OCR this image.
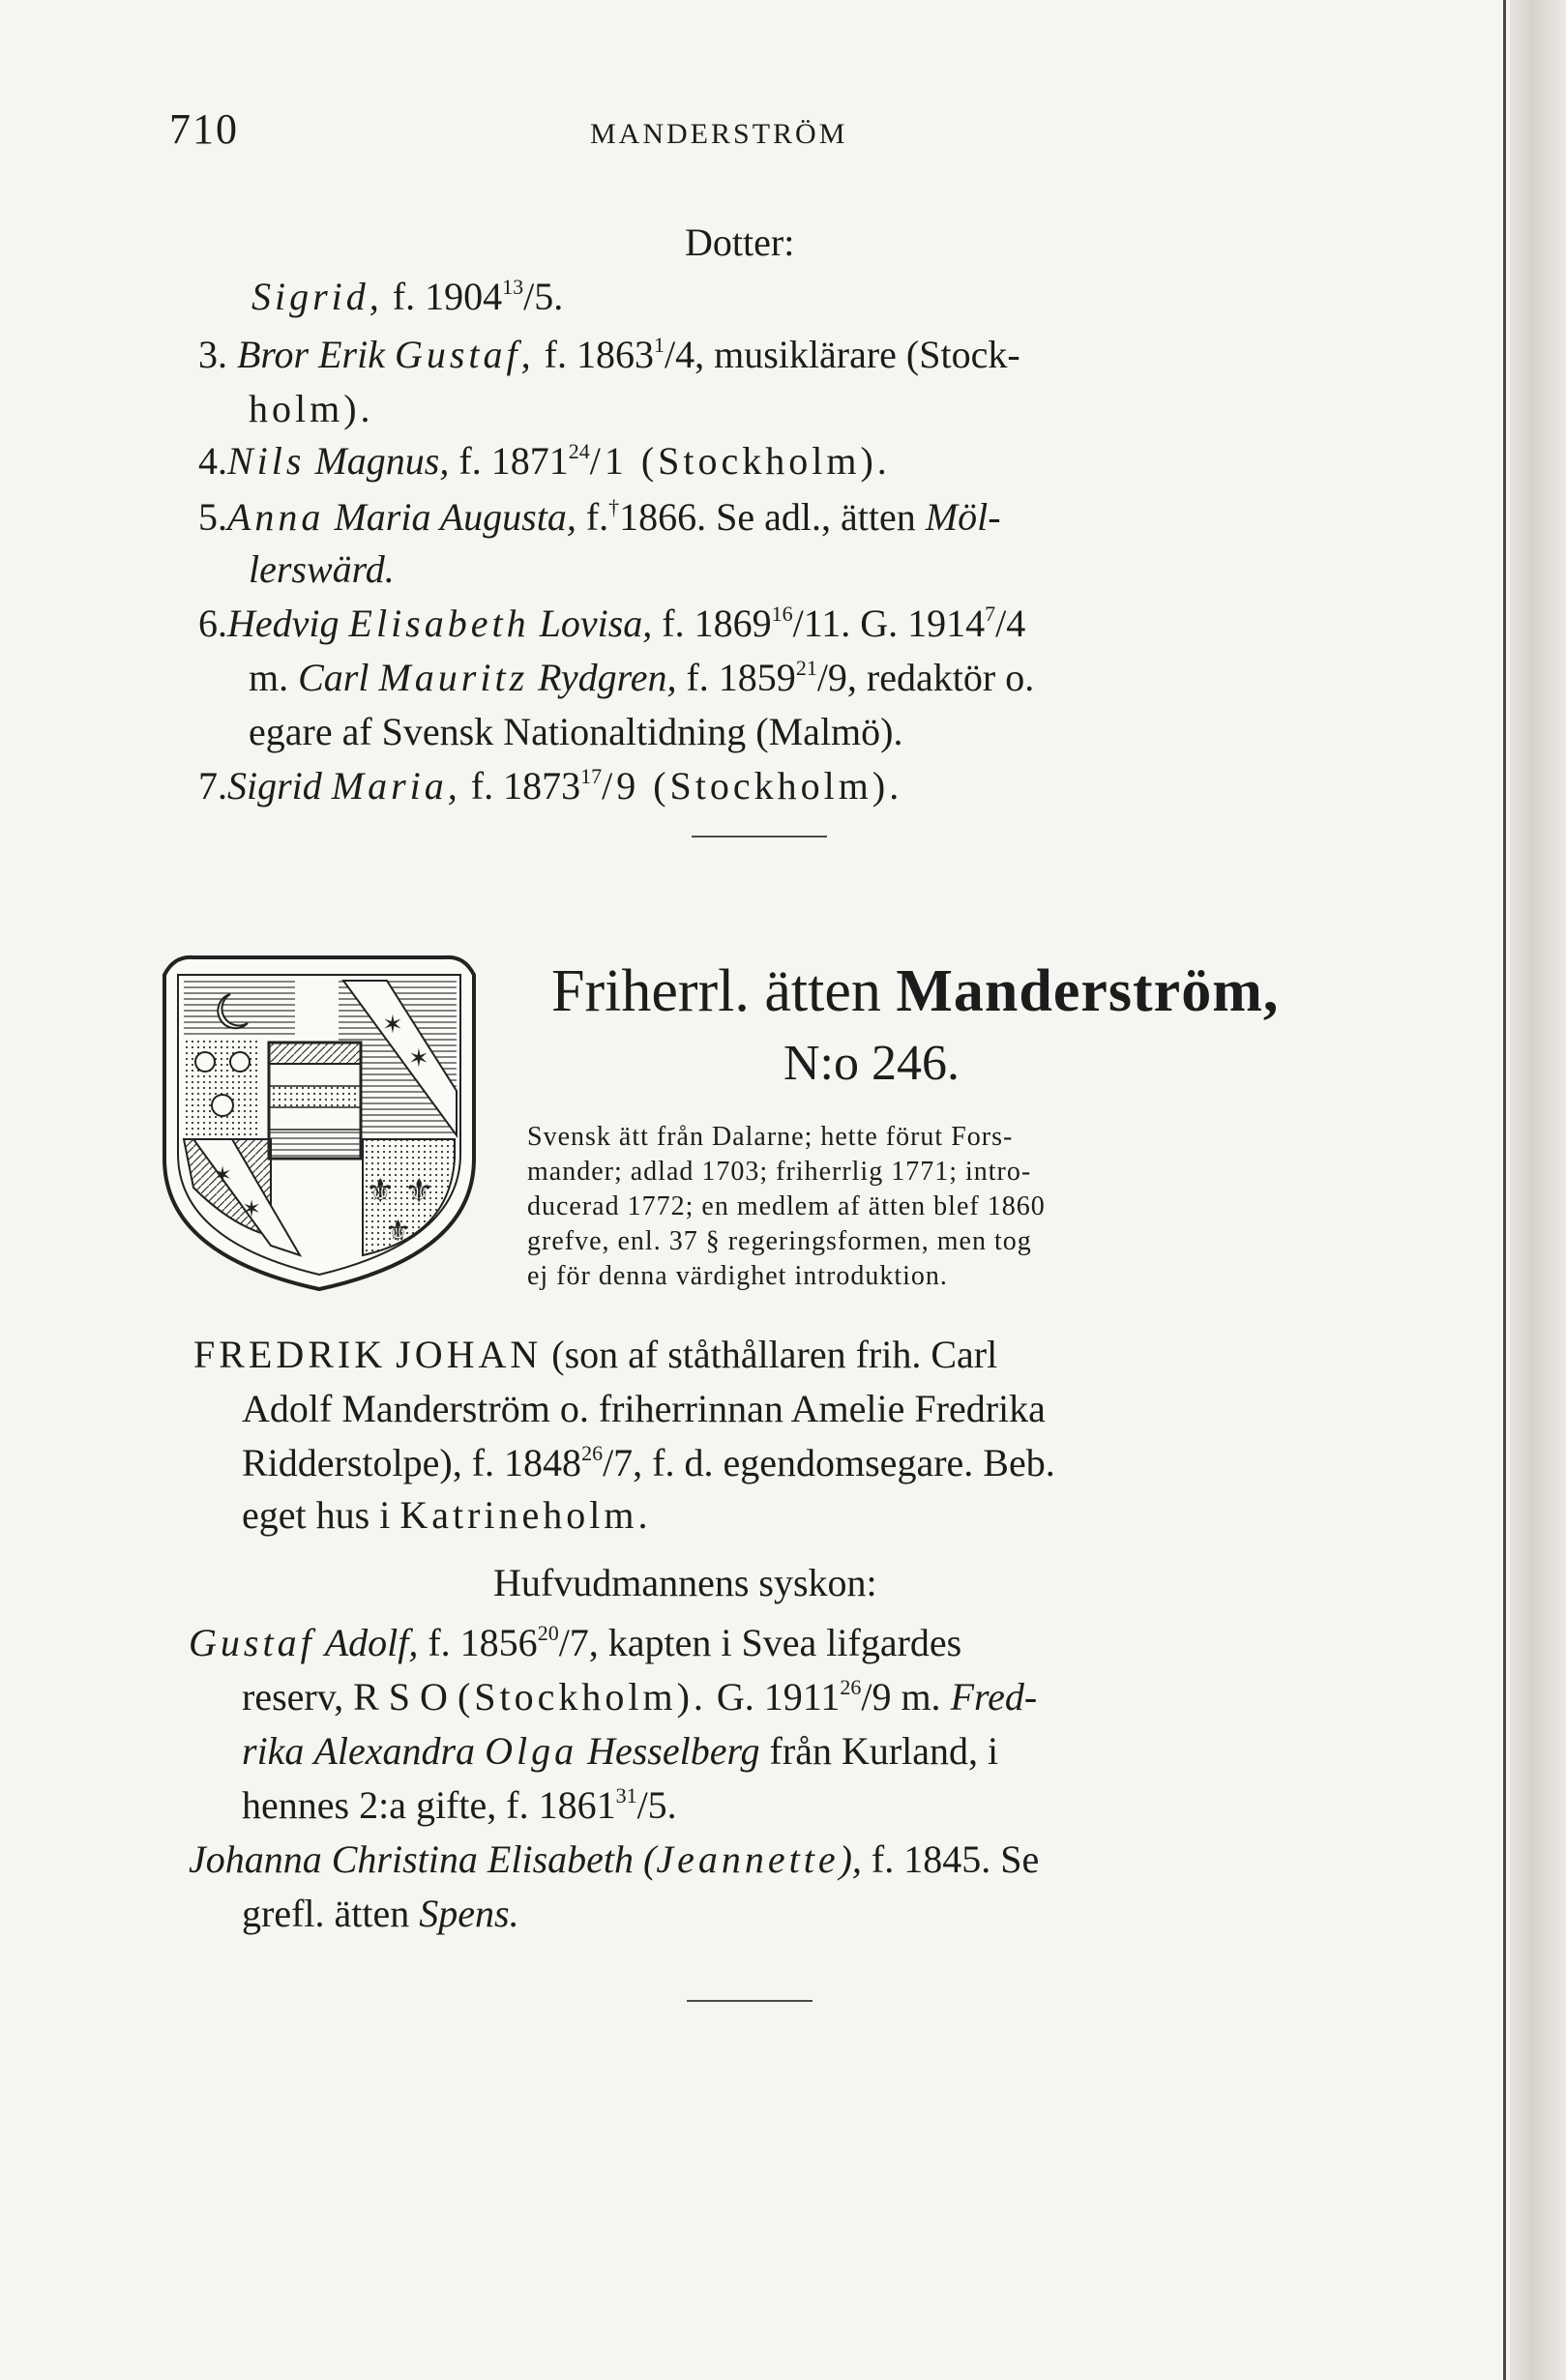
710	MANDERSTRÖM
Dotter:
Sigrid, f. 1904$^{13}$/5.
3. Bror Erik Gustaf, f. 1863$^1$/4, musiklärare (Stock-
holm).
4.Nils Magnus, f. 1871$^{24}$/1 (Stockholm).
5.Anna Maria Augusta, f.†1866. Se adl., ätten Möl-
lerswärd.
6.Hedvig Elisabeth Lovisa, f. 1869$^{16}$/11. G. 1914$^7$/4
m. Carl Mauritz Rydgren, f. 1859$^{21}$/9, redaktör o.
egare af Svensk Nationaltidning (Malmö).
7.Sigrid Maria, f. 1873$^{17}$/9 (Stockholm).
✶
✶
✶
✶	⚜ ⚜
⚜
Friherrl. ätten Manderström,
N:o 246.
Svensk ätt från Dalarne; hette förut Fors-
mander; adlad 1703; friherrlig 1771; intro-
ducerad 1772; en medlem af ätten blef 1860
grefve, enl. 37 § regeringsformen, men tog
ej för denna värdighet introduktion.
FREDRIK JOHAN (son af ståthållaren frih. Carl
Adolf Manderström o. friherrinnan Amelie Fredrika
Ridderstolpe), f. 1848$^{26}$/7, f. d. egendomsegare. Beb.
eget hus i Katrineholm.
Hufvudmannens syskon:
Gustaf Adolf, f. 1856$^{20}$/7, kapten i Svea lifgardes
reserv, R S O (Stockholm). G. 1911$^{26}$/9 m. Fred-
rika Alexandra Olga Hesselberg från Kurland, i
hennes 2:a gifte, f. 1861$^{31}$/5.
Johanna Christina Elisabeth (Jeannette), f. 1845. Se
grefl. ätten Spens.
